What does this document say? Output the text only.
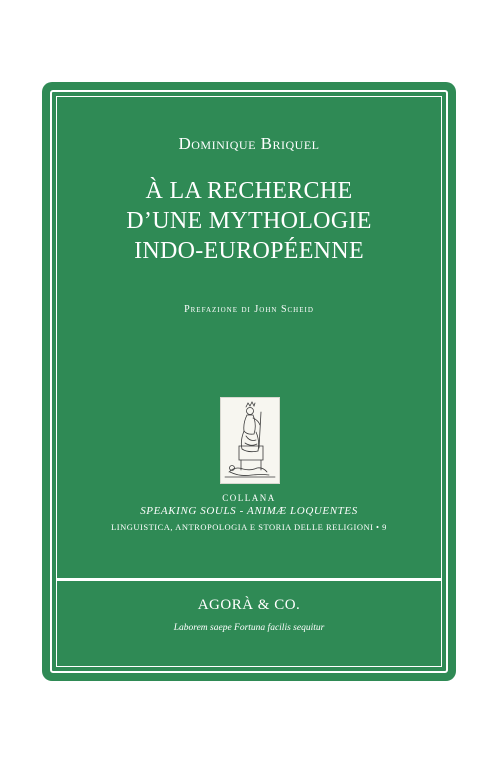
Dominique Briquel
À LA RECHERCHE
D’UNE MYTHOLOGIE
INDO-EUROPÉENNE
Prefazione di John Scheid
COLLANA
SPEAKING SOULS - ANIMÆ LOQUENTES
LINGUISTICA, ANTROPOLOGIA E STORIA DELLE RELIGIONI • 9
AGORÀ & CO.
Laborem saepe Fortuna facilis sequitur
